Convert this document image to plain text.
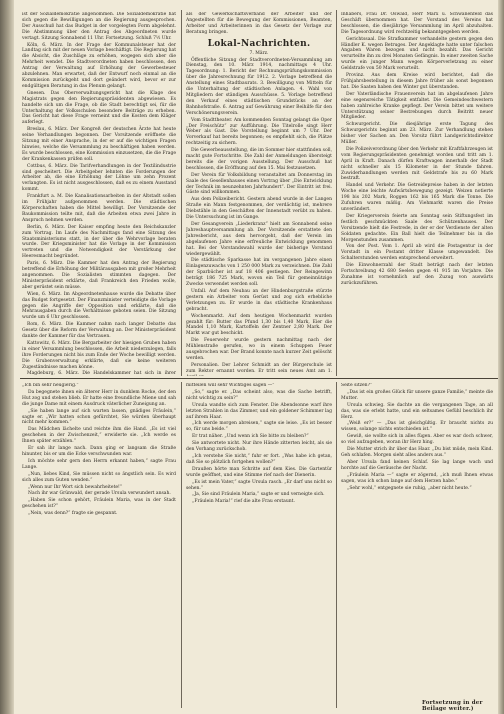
ist der Sozialdemokratie angenommen. Die Sozialdemokratie hat sich gegen die Bewilligungen an die Regierung ausgesprochen. Der Ausschuß hat das Budget in der vorgelegten Form abgelehnt. Die Abstimmung über den Antrag des Abgeordneten wurde vertagt. Sitzung Sonnabend 11 Uhr. Fortsetzung. Schluß 7½ Uhr.

Köln, 6. März. In der Frage der Kommunalsteuer hat der Landtag sich mit der neuen Vorlage beschäftigt. Die Regierung hat die Absicht, die Zuschläge zu erhöhen, wogegen sich aber die Mehrheit wendet. Die Stadtverordneten haben beschlossen, den Antrag der Verwaltung auf Erhöhung der Gewerbesteuer abzulehnen. Man erwartet, daß der Entwurf noch einmal an die Kommission zurückgeht und dort geändert wird, bevor er zur endgültigen Beratung in das Plenum gelangt.

Gnesen. Das Oberverwaltungsgericht hat die Klage des Magistrats gegen den Regierungspräsidenten abgewiesen. Es handelte sich um die Frage, ob die Stadt berechtigt sei, für die Unterhaltung der Volksschulen besondere Beiträge zu erheben. Das Gericht hat diese Frage verneint und die Kosten dem Kläger auferlegt.

Breslau, 6. März. Der Kongreß der deutschen Ärzte hat heute seine Verhandlungen begonnen. Der Vorsitzende eröffnete die Sitzung mit einer Ansprache, in der er auf die wichtigen Fragen hinwies, welche die Versammlung zu beschäftigen haben werden. Es wurde beschlossen, eine Kommission einzusetzen, die die Frage der Krankenkassen prüfen soll.

Cottbus, 6. März. Die Tarifverhandlungen in der Textilindustrie sind gescheitert. Die Arbeitgeber lehnten die Forderungen der Arbeiter ab, die eine Erhöhung der Löhne um zehn Prozent verlangten. Es ist nicht ausgeschlossen, daß es zu einem Ausstand kommt.

Frankfurt a. M. Die Kanalisationsarbeiten in der Altstadt sollen im Frühjahr aufgenommen werden. Die städtischen Körperschaften haben die Mittel bewilligt. Der Vorsitzende der Baukommission teilte mit, daß die Arbeiten etwa zwei Jahre in Anspruch nehmen werden.

Berlin, 6. März. Der Kaiser empfing heute den Reichskanzler zum Vortrag. Im Laufe des Nachmittags fand eine Sitzung des Staatsministeriums statt, in der über die Wehrvorlage beraten wurde. Der Kriegsminister hat die Vorlage in der Kommission vertreten und die Notwendigkeit der Verstärkung der Heeresmacht begründet.

Paris, 6. März. Die Kammer hat den Antrag der Regierung betreffend die Erhöhung der Militärausgaben mit großer Mehrheit angenommen. Die Sozialisten stimmten dagegen. Der Ministerpräsident erklärte, daß Frankreich den Frieden wolle, aber gerüstet sein müsse.

Wien, 6. März. Im Abgeordnetenhause wurde die Debatte über das Budget fortgesetzt. Der Finanzminister verteidigte die Vorlage gegen die Angriffe der Opposition und erklärte, daß die Mehrausgaben durch die Verhältnisse geboten seien. Die Sitzung wurde um 6 Uhr geschlossen.

Rom, 6. März. Die Kammer nahm nach langer Debatte das Gesetz über die Reform der Verwaltung an. Der Ministerpräsident dankte der Kammer für das Vertrauen.

Kattowitz, 6. März. Die Bergarbeiter der hiesigen Gruben haben in einer Versammlung beschlossen, die Arbeit niederzulegen, falls ihre Forderungen nicht bis zum Ende der Woche bewilligt werden. Die Grubenverwaltung erklärte, daß sie keine weiteren Zugeständnisse machen könne.

Magdeburg, 6. März. Die Handelskammer hat sich in ihrer

als der Gewerkschaftsverband der Arbeiter und der Angestellten für die Bewegung der Kommissionen, Beamten, Arbeiter und Arbeiterinnen in das Gesetz der Vorlage zur Beratung bringen.

Lokal-Nachrichten.
7. März.

Öffentliche Sitzung der Stadtverordneten-Versammlung am Dienstag, den 10. März 1914, nachmittags 4 Uhr. Tagesordnung: 1. Bericht der Rechnungsprüfungskommission über die Jahresrechnung für 1912. 2. Vorlage betreffend die Anstellung eines Stadtbaurats. 3. Bewilligung von Mitteln für die Unterhaltung der städtischen Anlagen. 4. Wahl von Mitgliedern der ständigen Ausschüsse. 5. Vorlage betreffend den Verkauf eines städtischen Grundstücks an der Bahnhofstraße. 6. Antrag auf Gewährung einer Beihilfe für den Verschönerungsverein.

Vom Stadttheater. Am kommenden Sonntag gelangt die Oper „Der Freischütz“ zur Aufführung. Die Titelrolle singt Herr Weber als Gast. Die Vorstellung beginnt um 7 Uhr. Der Vorverkauf hat bereits begonnen; es empfiehlt sich, die Plätze rechtzeitig zu sichern.

Die Gewerbeausstellung, die im Sommer hier stattfinden soll, macht gute Fortschritte. Die Zahl der Anmeldungen übersteigt bereits die der vorigen Ausstellung. Der Ausschuß hat beschlossen, die Eröffnung auf den 15. Mai festzusetzen.

Der Verein für Volksbildung veranstaltet am Donnerstag im Saale des Gesellenhauses einen Vortrag über „Die Entwicklung der Technik im neunzehnten Jahrhundert“. Der Eintritt ist frei. Gäste sind willkommen.

Aus dem Polizeibericht. Gestern abend wurde in der Langen Straße ein Mann festgenommen, der verdächtig ist, mehrere Diebstähle in den Geschäften der Innenstadt verübt zu haben. Die Untersuchung ist im Gange.

Der Gesangverein „Liederkranz“ hielt am Sonnabend seine Jahreshauptversammlung ab. Der Vorsitzende erstattete den Jahresbericht, aus dem hervorgeht, daß der Verein im abgelaufenen Jahre eine erfreuliche Entwicklung genommen hat. Bei der Vorstandswahl wurde der bisherige Vorstand wiedergewählt.

Die städtische Sparkasse hat im vergangenen Jahre einen Einlagenzuwachs von 1 250 000 Mark zu verzeichnen. Die Zahl der Sparbücher ist auf 18 406 gestiegen. Der Reingewinn beträgt 186 725 Mark, wovon ein Teil für gemeinnützige Zwecke verwendet werden soll.

Unfall. Auf dem Neubau an der Hindenburgstraße stürzte gestern ein Arbeiter vom Gerüst und zog sich erhebliche Verletzungen zu. Er wurde in das städtische Krankenhaus gebracht.

Wochenmarkt. Auf dem heutigen Wochenmarkt wurden gezahlt für: Butter das Pfund 1,30 bis 1,40 Mark, Eier die Mandel 1,10 Mark, Kartoffeln der Zentner 2,80 Mark. Der Markt war gut beschickt.

Die Feuerwehr wurde gestern nachmittag nach der Mühlenstraße gerufen, wo in einem Schuppen Feuer ausgebrochen war. Der Brand konnte nach kurzer Zeit gelöscht werden.

Personalien. Der Lehrer Schmidt an der Bürgerschule ist zum Rektor ernannt worden. Er tritt sein neues Amt am 1.

Inhabers, Frau Dr. Oswald, Herr Marx u. Schwanenfeld das Geschäft übernommen hat. Der Vorstand des Vereins hat beschlossen, die diesjährige Versammlung im April abzuhalten. Die Tagesordnung wird rechtzeitig bekanntgegeben werden.

Gerichtssaal. Die Strafkammer verhandelte gestern gegen den Händler K. wegen Betruges. Der Angeklagte hatte unter falschen Angaben Waren bezogen und nicht bezahlt. Das Gericht verurteilte ihn zu drei Monaten Gefängnis. In einer zweiten Sache wurde ein junger Mann wegen Körperverletzung zu einer Geldstrafe von 50 Mark verurteilt.

Provinz. Aus dem Kreise wird berichtet, daß die Frühjahrsbestellung in diesem Jahre früher als sonst begonnen hat. Die Saaten haben den Winter gut überstanden.

Der Vaterländische Frauenverein hat im abgelaufenen Jahre eine segensreiche Tätigkeit entfaltet. Die Gemeindeschwestern haben zahlreiche Kranke gepflegt. Der Verein bittet um weitere Unterstützung seiner Bestrebungen durch Beitritt neuer Mitglieder.

Schwurgericht. Die diesjährige erste Tagung des Schwurgerichts beginnt am 23. März. Zur Verhandlung stehen bisher vier Sachen an. Den Vorsitz führt Landgerichtsdirektor Müller.

Die Polizeiverordnung über den Verkehr mit Kraftfahrzeugen ist vom Regierungspräsidenten genehmigt worden und tritt am 1. April in Kraft. Danach dürfen Kraftwagen innerhalb der Stadt nicht schneller als 15 Kilometer in der Stunde fahren. Zuwiderhandlungen werden mit Geldstrafe bis zu 60 Mark bestraft.

Handel und Verkehr. Die Getreidepreise haben in der letzten Woche eine leichte Aufwärtsbewegung gezeigt. Weizen notierte 198 bis 202 Mark, Roggen 162 bis 165 Mark die Tonne. Die Zufuhren waren mäßig. Am Viehmarkt waren die Preise unverändert.

Der Kriegerverein feierte am Sonntag sein Stiftungsfest im festlich geschmückten Saale des Schützenhauses. Der Vorsitzende hielt die Festrede, in der er der Verdienste der alten Soldaten gedachte. Ein Ball hielt die Teilnehmer bis in die Morgenstunden zusammen.

Von der Post. Vom 1. April ab wird die Postagentur in der Vorstadt in ein Postamt dritter Klasse umgewandelt. Die Schalterstunden werden entsprechend erweitert.

Die Einwohnerzahl der Stadt beträgt nach der letzten Fortschreibung 42 680 Seelen gegen 41 915 im Vorjahre. Die Zunahme ist vornehmlich auf den Zuzug von auswärts zurückzuführen.

„Ich bin sehr neugierig.“

Da begegnete ihnen ein älterer Herr in dunklem Rocke, der den Hut zog und stehen blieb. Er hatte eine freundliche Miene und sah die junge Dame mit einem Ausdruck väterlicher Zuneigung an.

„Sie haben lange auf sich warten lassen, gnädiges Fräulein,“ sagte er. „Wir hatten schon gefürchtet, Sie würden überhaupt nicht mehr kommen.“

Das Mädchen lächelte und reichte ihm die Hand. „Es ist viel geschehen in der Zwischenzeit,“ erwiderte sie. „Ich werde es Ihnen später erzählen.“

Er sah ihr lange nach. Dann ging er langsam die Straße hinunter, bis er um die Ecke verschwunden war.

Ich möchte sehr gern den Herrn erkannt haben,“ sagte Frau Lange.

„Nun, liebes Kind, Sie müssen nicht so ängstlich sein. Es wird sich alles zum Guten wenden.“

„Wenn nur Ihr Wort sich bewahrheitete!“

Nach ihr war Grünwald, der gerade Ursula verwundert ansah.

„Haben Sie schon gehört, Fräulein Maria, was in der Stadt geschehen ist?“

„Nein, was denn?“ fragte sie gespannt.

mitteilen will sehr Wichtiges sagen —“

„So,“ sagte er. „Das scheint also, was die Sache betrifft, nicht wichtig zu sein?“

Ursula wandte sich zum Fenster. Die Abendsonne warf ihre letzten Strahlen in das Zimmer, und ein goldener Schimmer lag auf ihrem Haar.

„Ich werde morgen abreisen,“ sagte sie leise. „Es ist besser so, für uns beide.“

Er trat näher. „Und wenn ich Sie bitte zu bleiben?“

Sie antwortete nicht. Nur ihre Hände zitterten leicht, als sie den Vorhang zurückschob.

„Ich verstehe Sie nicht,“ fuhr er fort. „Was habe ich getan, daß Sie so plötzlich fortgehen wollen?“

Draußen hörte man Schritte auf dem Kies. Die Gartentür wurde geöffnet, und eine Stimme rief nach der Dienerin.

„Es ist mein Vater,“ sagte Ursula rasch. „Er darf uns nicht so sehen.“

„Ja, Sie sind Fräulein Maria,“ sagte er und verneigte sich.

„Fräulein Maria!“ rief die alte Frau erstaunt.

Seite sitzen?“

„Das ist ein großes Glück für unsere ganze Familie,“ meinte die Mutter.

Ursula schwieg. Sie dachte an die vergangenen Tage, an all das, was sie erlebt hatte, und ein seltsames Gefühl beschlich ihr Herz.

„Weiß er?“ — „Das ist gleichgültig. Er braucht nichts zu wissen, solange nichts entschieden ist.“

Gewiß, sie wollte sich in alles fügen. Aber es war doch schwer, so viel aufzugeben, woran ihr Herz hing.

Die Mutter strich ihr über das Haar. „Du bist müde, mein Kind. Geh schlafen. Morgen sieht alles anders aus.“

Aber Ursula fand keinen Schlaf. Sie lag lange wach und horchte auf die Geräusche der Nacht.

„Fräulein Maria —“ sagte er zögernd, „ich muß Ihnen etwas sagen, was ich schon lange auf dem Herzen habe.“

„Sehr wohl,“ entgegnete sie ruhig, „aber nicht heute.“

Fortsetzung in der Beilage weiter.)
